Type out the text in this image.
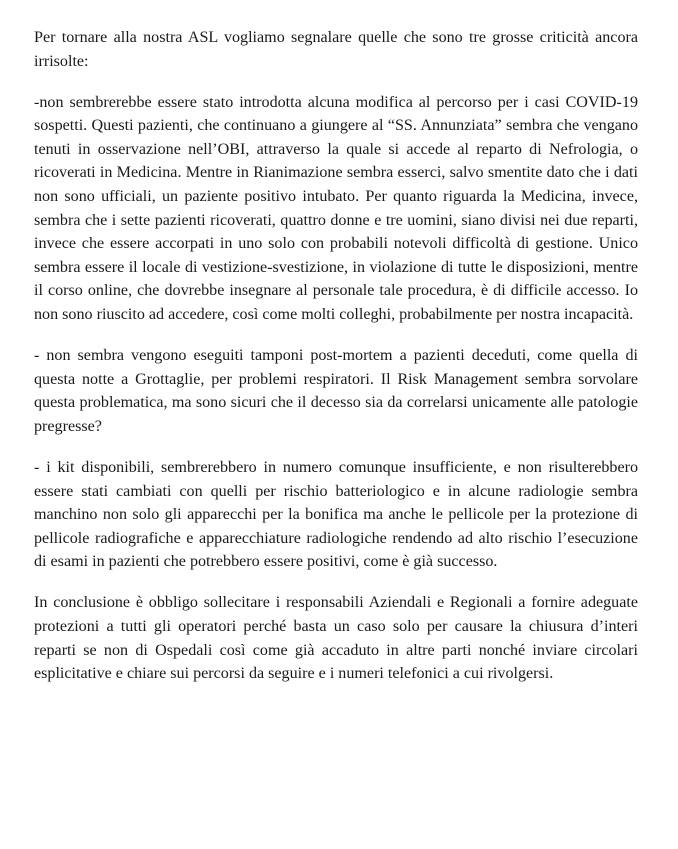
Per tornare alla nostra ASL vogliamo segnalare quelle che sono tre grosse criticità ancora irrisolte:

-non sembrerebbe essere stato introdotta alcuna modifica al percorso per i casi COVID-19 sospetti. Questi pazienti, che continuano a giungere al “SS. Annunziata” sembra che vengano tenuti in osservazione nell’OBI, attraverso la quale si accede al reparto di Nefrologia, o ricoverati in Medicina. Mentre in Rianimazione sembra esserci, salvo smentite dato che i dati non sono ufficiali, un paziente positivo intubato. Per quanto riguarda la Medicina, invece, sembra che i sette pazienti ricoverati, quattro donne e tre uomini, siano divisi nei due reparti, invece che essere accorpati in uno solo con probabili notevoli difficoltà di gestione. Unico sembra essere il locale di vestizione-svestizione, in violazione di tutte le disposizioni, mentre il corso online, che dovrebbe insegnare al personale tale procedura, è di difficile accesso. Io non sono riuscito ad accedere, così come molti colleghi, probabilmente per nostra incapacità.

- non sembra vengono eseguiti tamponi post-mortem a pazienti deceduti, come quella di questa notte a Grottaglie, per problemi respiratori. Il Risk Management sembra sorvolare questa problematica, ma sono sicuri che il decesso sia da correlarsi unicamente alle patologie pregresse?

- i kit disponibili, sembrerebbero in numero comunque insufficiente, e non risulterebbero essere stati cambiati con quelli per rischio batteriologico e in alcune radiologie sembra manchino non solo gli apparecchi per la bonifica ma anche le pellicole per la protezione di pellicole radiografiche e apparecchiature radiologiche rendendo ad alto rischio l’esecuzione di esami in pazienti che potrebbero essere positivi, come è già successo.

In conclusione è obbligo sollecitare i responsabili Aziendali e Regionali a fornire adeguate protezioni a tutti gli operatori perché basta un caso solo per causare la chiusura d’interi reparti se non di Ospedali così come già accaduto in altre parti nonché inviare circolari esplicitative e chiare sui percorsi da seguire e i numeri telefonici a cui rivolgersi.
